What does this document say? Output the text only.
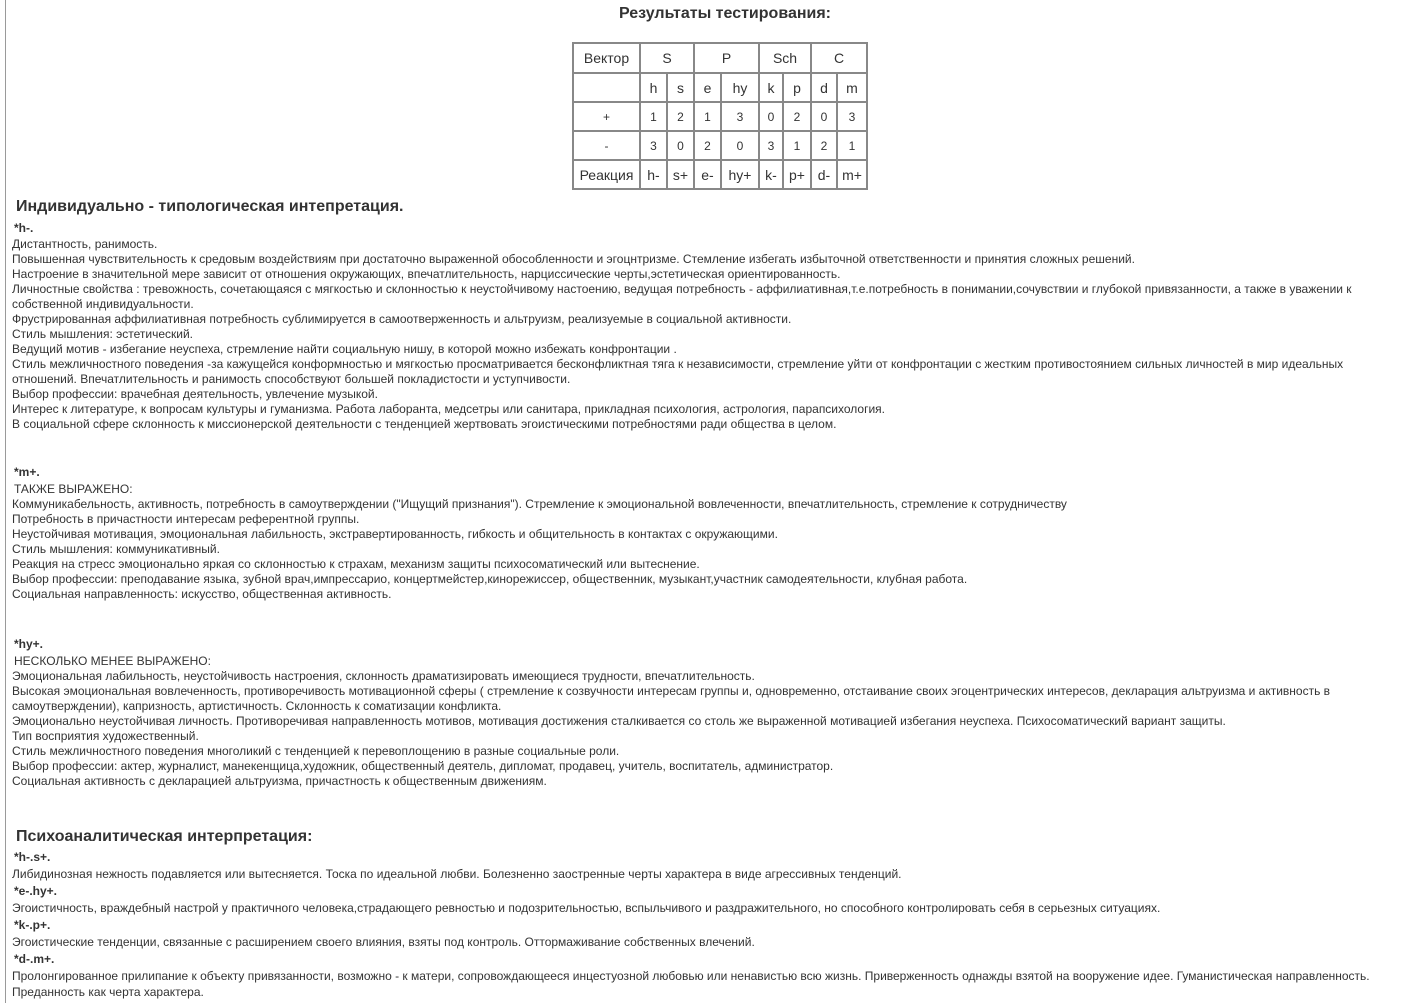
Результаты тестирования:
Вектор	S		P		Sch		C	
	h	s	e	hy	k	p	d	m
+	1	2	1	3	0	2	0	3
-	3	0	2	0	3	1	2	1
Реакция	h-	s+	e-	hy+	k-	p+	d-	m+
Индивидуально - типологическая интепретация.
*h-.

Дистантность, ранимость.

Повышенная чувствительность к средовым воздействиям при достаточно выраженной обособленности и эгоцнтризме. Стемление избегать избыточной ответственности и принятия сложных решений.

Настроение в значительной мере зависит от отношения окружающих, впечатлительность, нарциссические черты,эстетическая ориентированность.

Личностные свойства : тревожность, сочетающаяся с мягкостью и склонностью к неустойчивому настоению, ведущая потребность - аффилиативная,т.е.потребность в понимании,сочувствии и глубокой привязанности, а также в уважении к собственной индивидуальности.

Фрустрированная аффилиативная потребность сублимируется в самоотверженность и альтруизм, реализуемые в социальной активности.

Стиль мышления: эстетический.

Ведущий мотив - избегание неуспеха, стремление найти социальную нишу, в которой можно избежать конфронтации .

Стиль межличностного поведения -за кажущейся конформностью и мягкостью просматривается бесконфликтная тяга к независимости, стремление уйти от конфронтации с жестким противостоянием сильных личностей в мир идеальных отношений. Впечатлительность и ранимость способствуют большей покладистости и уступчивости.

Выбор профессии: врачебная деятельность, увлечение музыкой.

Интерес к литературе, к вопросам культуры и гуманизма. Работа лаборанта, медсетры или санитара, прикладная психология, астрология, парапсихология.

В социальной сфере склонность к миссионерской деятельности с тенденцией жертвовать эгоистическими потребностями ради общества в целом.

*m+.
ТАКЖЕ ВЫРАЖЕНО:

Коммуникабельность, активность, потребность в самоутверждении ("Ищущий признания"). Стремление к эмоциональной вовлеченности, впечатлительность, стремление к сотрудничеству

Потребность в причастности интересам референтной группы.

Неустойчивая мотивация, эмоциональная лабильность, экстравертированность, гибкость и общительность в контактах с окружающими.

Стиль мышления: коммуникативный.

Реакция на стресс эмоционально яркая со склонностью к страхам, механизм защиты психосоматический или вытеснение.

Выбор профессии: преподавание языка, зубной врач,импрессарио, концертмейстер,кинорежиссер, общественник, музыкант,участник самодеятельности, клубная работа.

Социальная направленность: искусство, общественная активность.

*hy+.
НЕСКОЛЬКО МЕНЕЕ ВЫРАЖЕНО:

Эмоциональная лабильность, неустойчивость настроения, склонность драматизировать имеющиеся трудности, впечатлительность.

Высокая эмоциональная вовлеченность, противоречивость мотивационной сферы ( стремление к созвучности интересам группы и, одновременно, отстаивание своих эгоцентрических интересов, декларация альтруизма и активность в самоутверждении), капризность, артистичность. Склонность к соматизации конфликта.

Эмоционально неустойчивая личность. Противоречивая направленность мотивов, мотивация достижения сталкивается со столь же выраженной мотивацией избегания неуспеха. Психосоматический вариант защиты.

Тип восприятия художественный.

Стиль межличностного поведения многоликий с тенденцией к перевоплощению в разные социальные роли.

Выбор профессии: актер, журналист, манекенщица,художник, общественный деятель, дипломат, продавец, учитель, воспитатель, администратор.

Социальная активность с декларацией альтруизма, причастность к общественным движениям.

Психоаналитическая интерпретация:
*h-.s+.

Либидинозная нежность подавляется или вытесняется. Тоска по идеальной любви. Болезненно заостренные черты характера в виде агрессивных тенденций.

*e-.hy+.

Эгоистичность, враждебный настрой у практичного человека,страдающего ревностью и подозрительностью, вспыльчивого и раздражительного, но способного контролировать себя в серьезных ситуациях.

*k-.p+.

Эгоистические тенденции, связанные с расширением своего влияния, взяты под контроль. Оттормаживание собственных влечений.

*d-.m+.

Пролонгированное прилипание к объекту привязанности, возможно - к матери, сопровождающееся инцестуозной любовью или ненавистью всю жизнь. Приверженность однажды взятой на вооружение идее. Гуманистическая направленность. Преданность как черта характера.
